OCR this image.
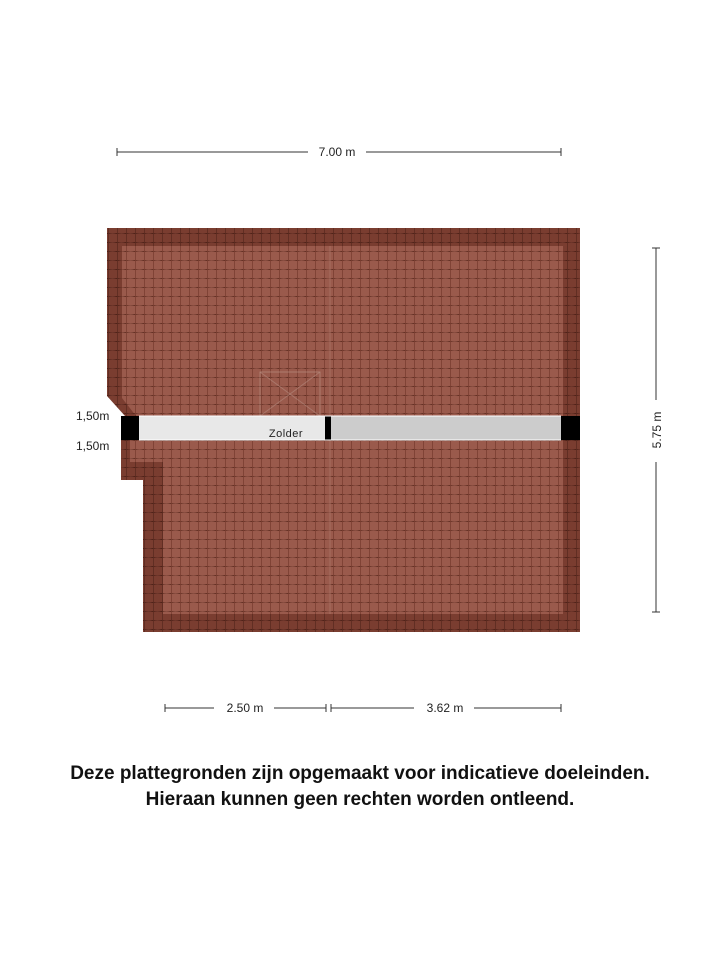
7.00 m
5.75 m
Zolder
1,50m
1,50m
2.50 m	3.62 m
Deze plattegronden zijn opgemaakt voor indicatieve doeleinden.
Hieraan kunnen geen rechten worden ontleend.
